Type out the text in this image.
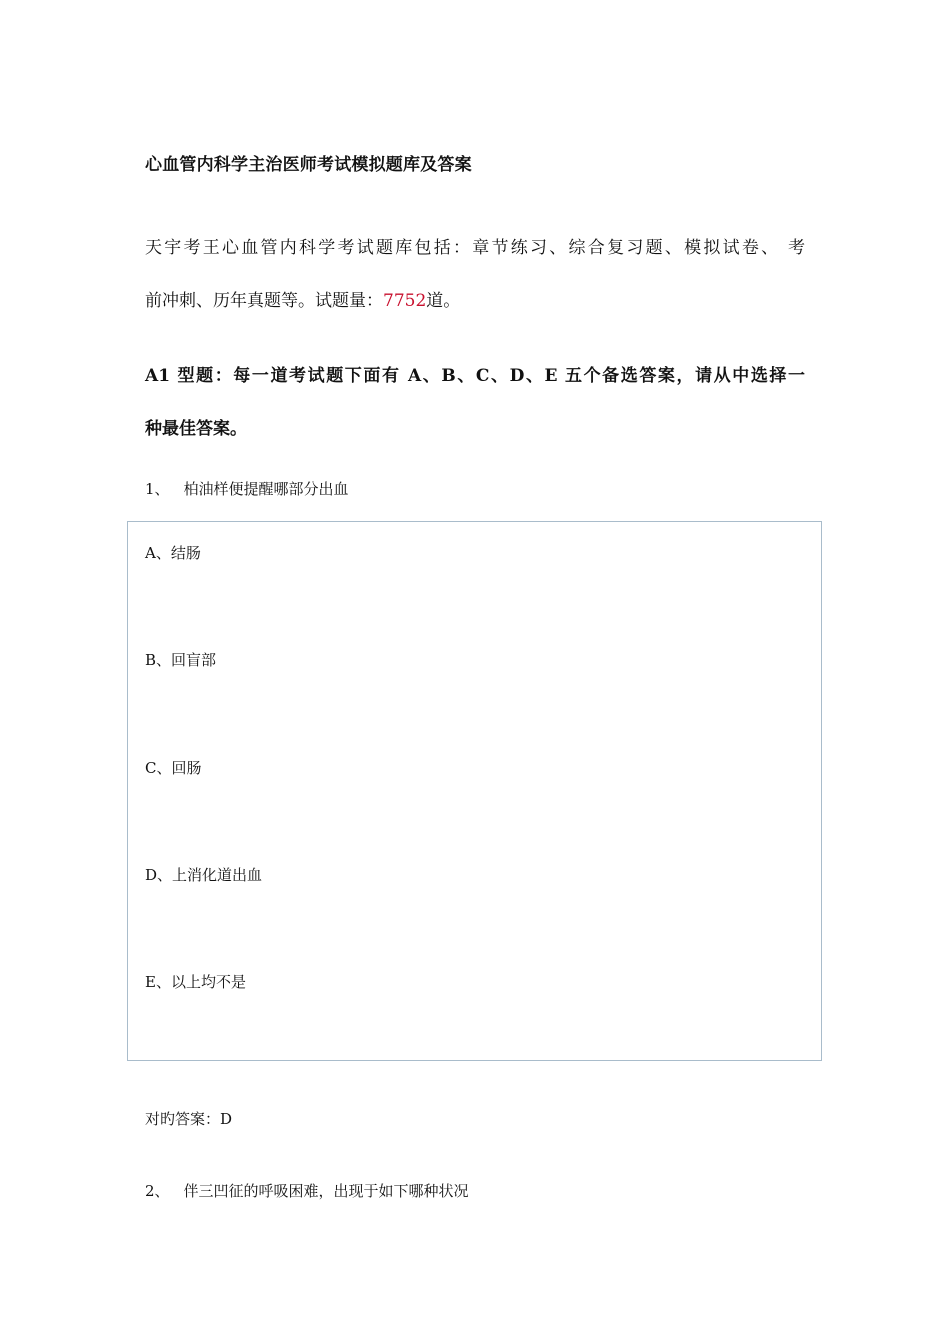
心血管内科学主治医师考试模拟题库及答案
天宇考王心血管内科学考试题库包括：章节练习、综合复习题、模拟试卷、 考
前冲刺、历年真题等。试题量：7752道。
A1 型题：每一道考试题下面有 A、B、C、D、E 五个备选答案，请从中选择一
种最佳答案。
1、 柏油样便提醒哪部分出血
A、结肠
B、回盲部
C、回肠
D、上消化道出血
E、以上均不是
对旳答案：D
2、 伴三凹征的呼吸困难，出现于如下哪种状况
